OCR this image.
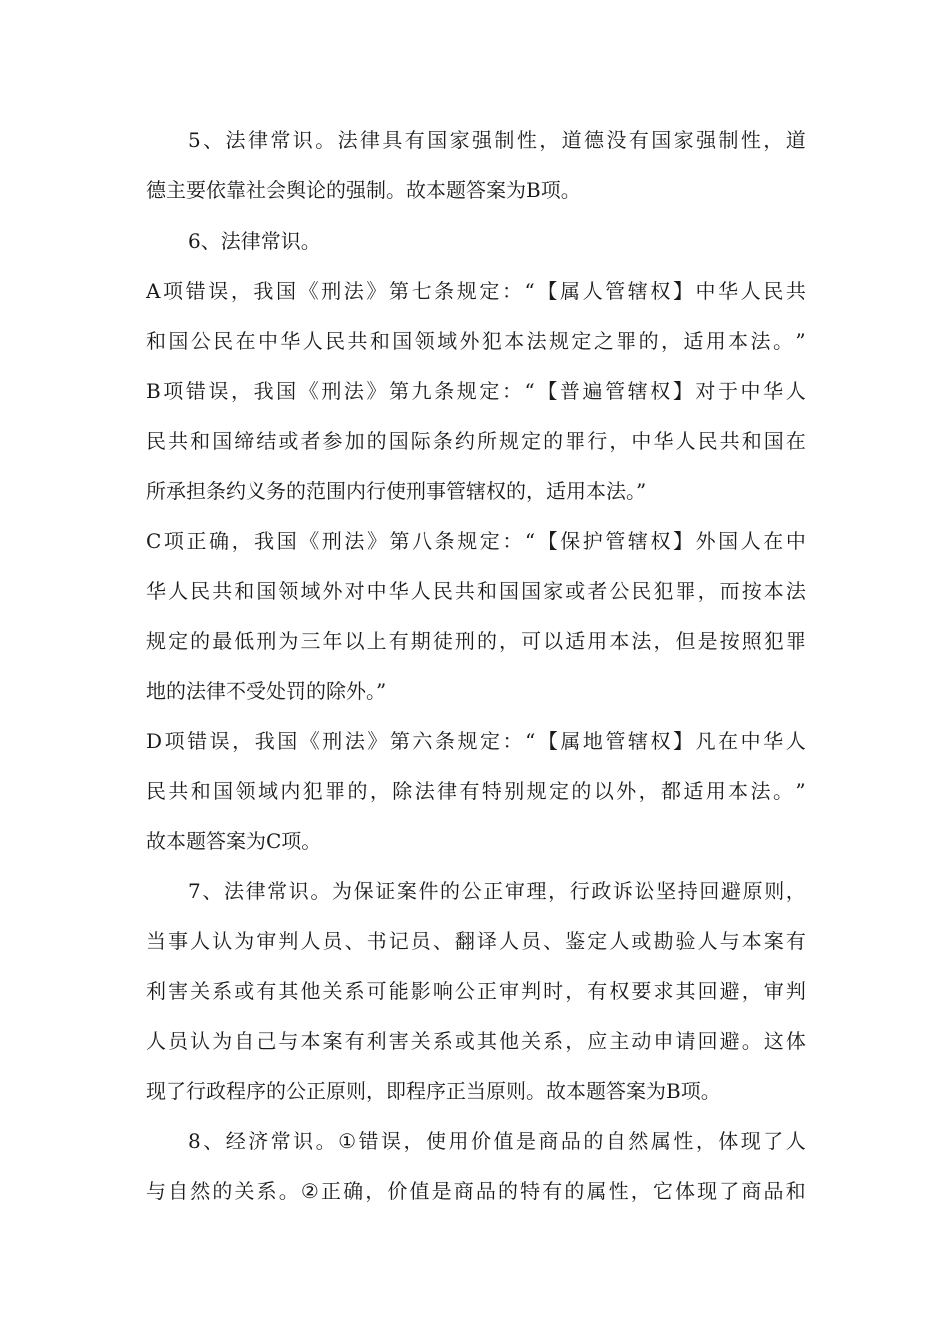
5 、 法 律 常 识 。 法 律 具 有 国 家 强 制 性 ， 道 德 没 有 国 家 强 制 性 ， 道
德主要依靠社会舆论的强制。故本题答案为B项。
6、法律常识。
A 项 错 误 ， 我 国 《 刑 法 》 第 七 条 规 定 ： “ 【 属 人 管 辖 权 】 中 华 人 民 共
和 国 公 民 在 中 华 人 民 共 和 国 领 域 外 犯 本 法 规 定 之 罪 的 ， 适 用 本 法 。 ”
B 项 错 误 ， 我 国 《 刑 法 》 第 九 条 规 定 ： “ 【 普 遍 管 辖 权 】 对 于 中 华 人
民 共 和 国 缔 结 或 者 参 加 的 国 际 条 约 所 规 定 的 罪 行 ， 中 华 人 民 共 和 国 在
所承担条约义务的范围内行使刑事管辖权的，适用本法。”
C 项 正 确 ， 我 国 《 刑 法 》 第 八 条 规 定 ： “ 【 保 护 管 辖 权 】 外 国 人 在 中
华 人 民 共 和 国 领 域 外 对 中 华 人 民 共 和 国 国 家 或 者 公 民 犯 罪 ， 而 按 本 法
规 定 的 最 低 刑 为 三 年 以 上 有 期 徒 刑 的 ， 可 以 适 用 本 法 ， 但 是 按 照 犯 罪
地的法律不受处罚的除外。”
D 项 错 误 ， 我 国 《 刑 法 》 第 六 条 规 定 ： “ 【 属 地 管 辖 权 】 凡 在 中 华 人
民 共 和 国 领 域 内 犯 罪 的 ， 除 法 律 有 特 别 规 定 的 以 外 ， 都 适 用 本 法 。 ”
故本题答案为C项。
7 、 法 律 常 识 。 为 保 证 案 件 的 公 正 审 理 ， 行 政 诉 讼 坚 持 回 避 原 则 ，
当 事 人 认 为 审 判 人 员 、 书 记 员 、 翻 译 人 员 、 鉴 定 人 或 勘 验 人 与 本 案 有
利 害 关 系 或 有 其 他 关 系 可 能 影 响 公 正 审 判 时 ， 有 权 要 求 其 回 避 ， 审 判
人 员 认 为 自 己 与 本 案 有 利 害 关 系 或 其 他 关 系 ， 应 主 动 申 请 回 避 。 这 体
现了行政程序的公正原则，即程序正当原则。故本题答案为B项。
8 、 经 济 常 识 。 ① 错 误 ， 使 用 价 值 是 商 品 的 自 然 属 性 ， 体 现 了 人
与 自 然 的 关 系 。 ② 正 确 ， 价 值 是 商 品 的 特 有 的 属 性 ， 它 体 现 了 商 品 和
